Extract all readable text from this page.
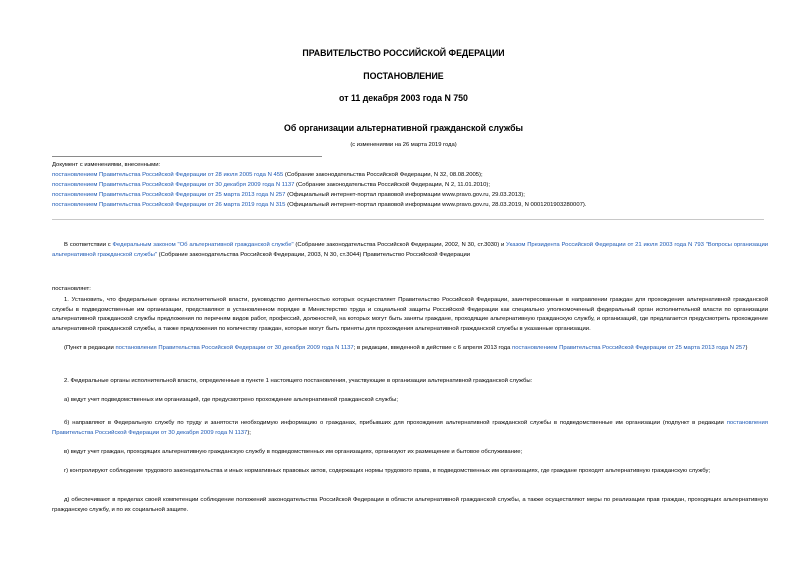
ПРАВИТЕЛЬСТВО РОССИЙСКОЙ ФЕДЕРАЦИИ
ПОСТАНОВЛЕНИЕ
от 11 декабря 2003 года N 750
Об организации альтернативной гражданской службы
(с изменениями на 26 марта 2019 года)
Документ с изменениями, внесенными:
постановлением Правительства Российской Федерации от 28 июля 2005 года N 455 (Собрание законодательства Российской Федерации, N 32, 08.08.2005);
постановлением Правительства Российской Федерации от 30 декабря 2009 года N 1137 (Собрание законодательства Российской Федерации, N 2, 11.01.2010);
постановлением Правительства Российской Федерации от 25 марта 2013 года N 257 (Официальный интернет-портал правовой информации www.pravo.gov.ru, 29.03.2013);
постановлением Правительства Российской Федерации от 26 марта 2019 года N 315 (Официальный интернет-портал правовой информации www.pravo.gov.ru, 28.03.2019, N 0001201903280007).
В соответствии с Федеральным законом "Об альтернативной гражданской службе" (Собрание законодательства Российской Федерации, 2002, N 30, ст.3030) и Указом Президента Российской Федерации от 21 июля 2003 года N 793 "Вопросы организации альтернативной гражданской службы" (Собрание законодательства Российской Федерации, 2003, N 30, ст.3044) Правительство Российской Федерации
постановляет:
1. Установить, что федеральные органы исполнительной власти, руководство деятельностью которых осуществляет Правительство Российской Федерации, заинтересованные в направлении граждан для прохождения альтернативной гражданской службы в подведомственные им организации, представляют в установленном порядке в Министерство труда и социальной защиты Российской Федерации как специально уполномоченный федеральный орган исполнительной власти по организации альтернативной гражданской службы предложения по перечням видов работ, профессий, должностей, на которых могут быть заняты граждане, проходящие альтернативную гражданскую службу, и организаций, где предлагается предусмотреть прохождение альтернативной гражданской службы, а также предложения по количеству граждан, которые могут быть приняты для прохождения альтернативной гражданской службы в указанные организации.
(Пункт в редакции постановления Правительства Российской Федерации от 30 декабря 2009 года N 1137; в редакции, введенной в действие с 6 апреля 2013 года постановлением Правительства Российской Федерации от 25 марта 2013 года N 257)
2. Федеральные органы исполнительной власти, определенные в пункте 1 настоящего постановления, участвующие в организации альтернативной гражданской службы:
а) ведут учет подведомственных им организаций, где предусмотрено прохождение альтернативной гражданской службы;
б) направляют в Федеральную службу по труду и занятости необходимую информацию о гражданах, прибывших для прохождения альтернативной гражданской службы в подведомственные им организации (подпункт в редакции постановления Правительства Российской Федерации от 30 декабря 2009 года N 1137);
в) ведут учет граждан, проходящих альтернативную гражданскую службу в подведомственных им организациях, организуют их размещение и бытовое обслуживание;
г) контролируют соблюдение трудового законодательства и иных нормативных правовых актов, содержащих нормы трудового права, в подведомственных им организациях, где граждане проходят альтернативную гражданскую службу;
д) обеспечивают в пределах своей компетенции соблюдение положений законодательства Российской Федерации в области альтернативной гражданской службы, а также осуществляют меры по реализации прав граждан, проходящих альтернативную гражданскую службу, и по их социальной защите.
